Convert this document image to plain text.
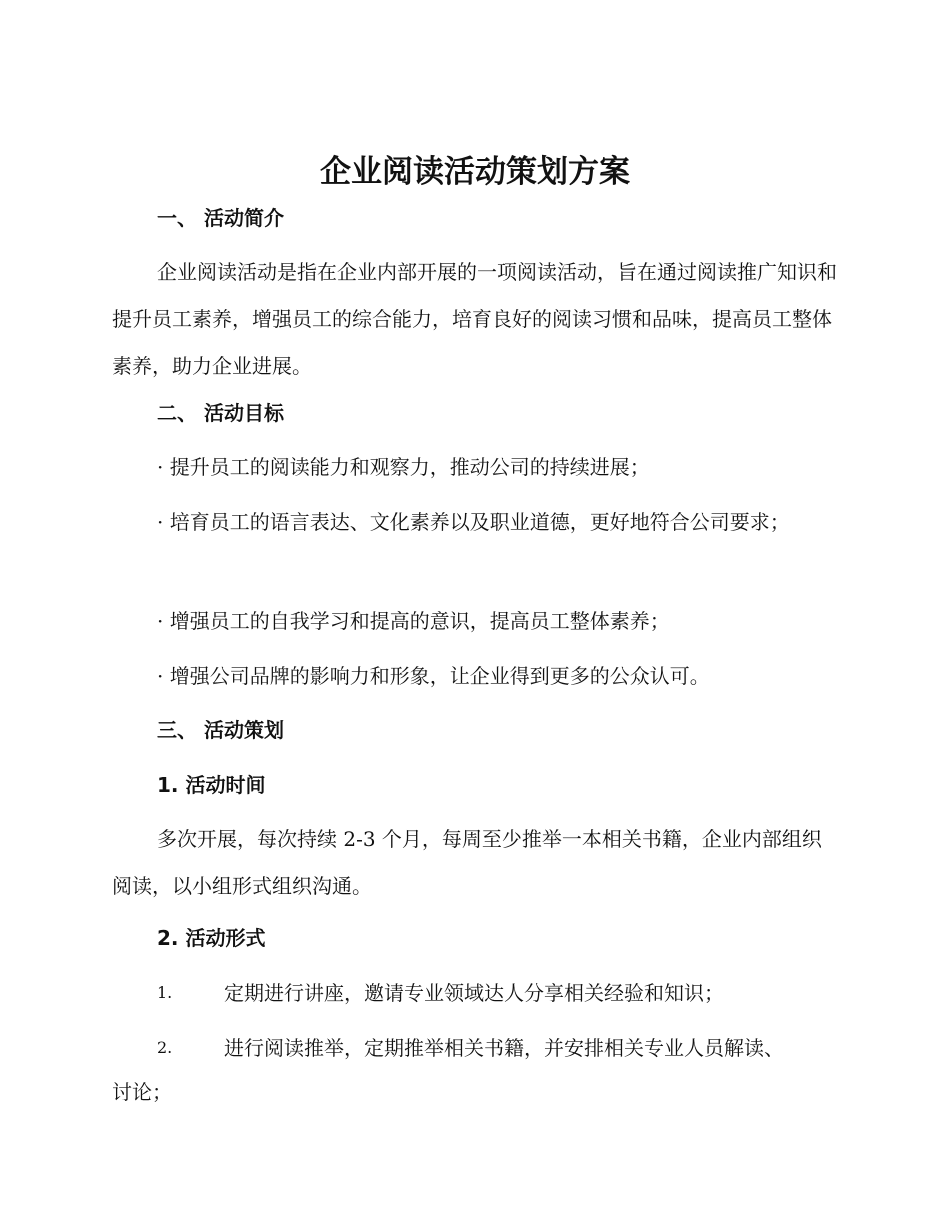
企业阅读活动策划方案
一、 活动简介

企业阅读活动是指在企业内部开展的一项阅读活动，旨在通过阅读推广知识和提升员工素养，增强员工的综合能力，培育良好的阅读习惯和品味，提高员工整体素养，助力企业进展。

二、 活动目标

· 提升员工的阅读能力和观察力，推动公司的持续进展；

· 培育员工的语言表达、文化素养以及职业道德，更好地符合公司要求；

· 增强员工的自我学习和提高的意识，提高员工整体素养；

· 增强公司品牌的影响力和形象，让企业得到更多的公众认可。

三、 活动策划
1. 活动时间

多次开展，每次持续 2-3 个月，每周至少推举一本相关书籍，企业内部组织阅读，以小组形式组织沟通。

2. 活动形式
1.	定期进行讲座，邀请专业领域达人分享相关经验和知识；
2.	进行阅读推举，定期推举相关书籍，并安排相关专业人员解读、
讨论；
